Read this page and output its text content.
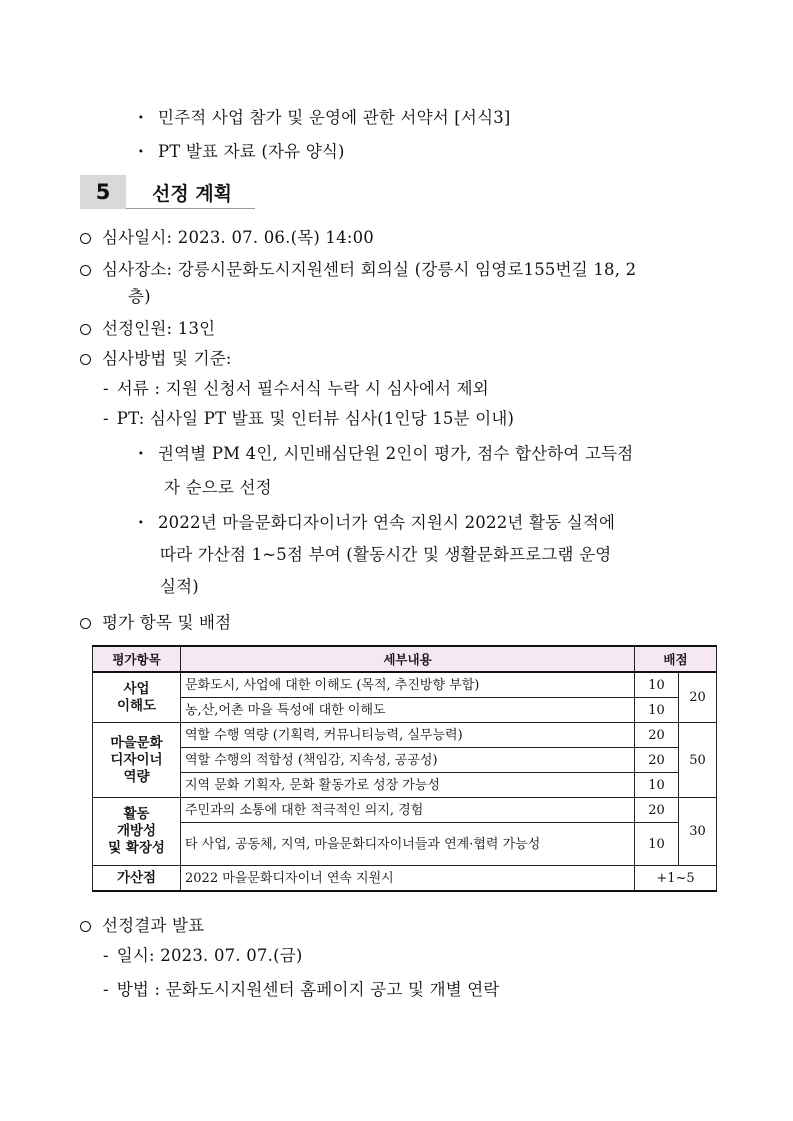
· 민주적 사업 참가 및 운영에 관한 서약서 [서식3]
· PT 발표 자료 (자유 양식)
5	선정 계획
심사일시: 2023. 07. 06.(목) 14:00
심사장소: 강릉시문화도시지원센터 회의실 (강릉시 임영로155번길 18, 2
층)
선정인원: 13인
심사방법 및 기준:
- 서류 : 지원 신청서 필수서식 누락 시 심사에서 제외
- PT: 심사일 PT 발표 및 인터뷰 심사(1인당 15분 이내)
· 권역별 PM 4인, 시민배심단원 2인이 평가, 점수 합산하여 고득점
자 순으로 선정
· 2022년 마을문화디자이너가 연속 지원시 2022년 활동 실적에
따라 가산점 1~5점 부여 (활동시간 및 생활문화프로그램 운영
실적)
평가 항목 및 배점
평가항목	세부내용	배점	
사업
이해도	문화도시, 사업에 대한 이해도 (목적, 추진방향 부합)	10	20
	농,산,어촌 마을 특성에 대한 이해도	10	
마을문화
디자이너
역량	역할 수행 역량 (기획력, 커뮤니티능력, 실무능력)	20	50
	역할 수행의 적합성 (책임감, 지속성, 공공성)	20	
	지역 문화 기획자, 문화 활동가로 성장 가능성	10	
활동
개방성
및 확장성	주민과의 소통에 대한 적극적인 의지, 경험	20	30
	타 사업, 공동체, 지역, 마을문화디자이너들과 연계·협력 가능성	10	
가산점	2022 마을문화디자이너 연속 지원시	+1~5	
선정결과 발표
- 일시: 2023. 07. 07.(금)
- 방법 : 문화도시지원센터 홈페이지 공고 및 개별 연락
